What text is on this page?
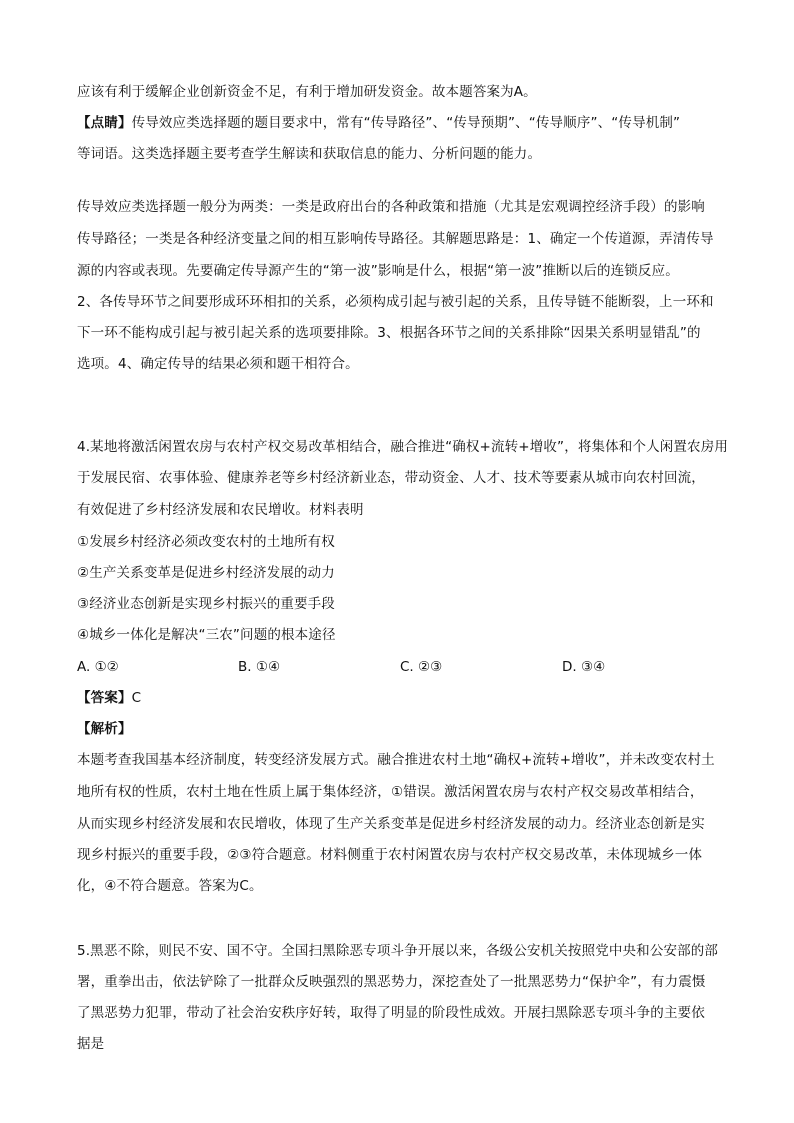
应该有利于缓解企业创新资金不足，有利于增加研发资金。故本题答案为A。
【点睛】传导效应类选择题的题目要求中，常有“传导路径”、“传导预期”、“传导顺序”、“传导机制”
等词语。这类选择题主要考查学生解读和获取信息的能力、分析问题的能力。
传导效应类选择题一般分为两类：一类是政府出台的各种政策和措施（尤其是宏观调控经济手段）的影响
传导路径；一类是各种经济变量之间的相互影响传导路径。其解题思路是：1、确定一个传道源，弄清传导
源的内容或表现。先要确定传导源产生的“第一波”影响是什么，根据“第一波”推断以后的连锁反应。
2、各传导环节之间要形成环环相扣的关系，必须构成引起与被引起的关系，且传导链不能断裂，上一环和
下一环不能构成引起与被引起关系的选项要排除。3、根据各环节之间的关系排除“因果关系明显错乱”的
选项。4、确定传导的结果必须和题干相符合。
4.某地将激活闲置农房与农村产权交易改革相结合，融合推进“确权+流转+增收”，将集体和个人闲置农房用
于发展民宿、农事体验、健康养老等乡村经济新业态，带动资金、人才、技术等要素从城市向农村回流，
有效促进了乡村经济发展和农民增收。材料表明
①发展乡村经济必须改变农村的土地所有权
②生产关系变革是促进乡村经济发展的动力
③经济业态创新是实现乡村振兴的重要手段
④城乡一体化是解决“三农”问题的根本途径
A. ①②	B. ①④	C. ②③	D. ③④
【答案】C
【解析】
本题考查我国基本经济制度，转变经济发展方式。融合推进农村土地“确权+流转+增收”，并未改变农村土
地所有权的性质，农村土地在性质上属于集体经济，①错误。激活闲置农房与农村产权交易改革相结合，
从而实现乡村经济发展和农民增收，体现了生产关系变革是促进乡村经济发展的动力。经济业态创新是实
现乡村振兴的重要手段，②③符合题意。材料侧重于农村闲置农房与农村产权交易改革，未体现城乡一体
化，④不符合题意。答案为C。
5.黑恶不除，则民不安、国不守。全国扫黑除恶专项斗争开展以来，各级公安机关按照党中央和公安部的部
署，重拳出击，依法铲除了一批群众反映强烈的黑恶势力，深挖查处了一批黑恶势力“保护伞”，有力震慑
了黑恶势力犯罪，带动了社会治安秩序好转，取得了明显的阶段性成效。开展扫黑除恶专项斗争的主要依
据是
